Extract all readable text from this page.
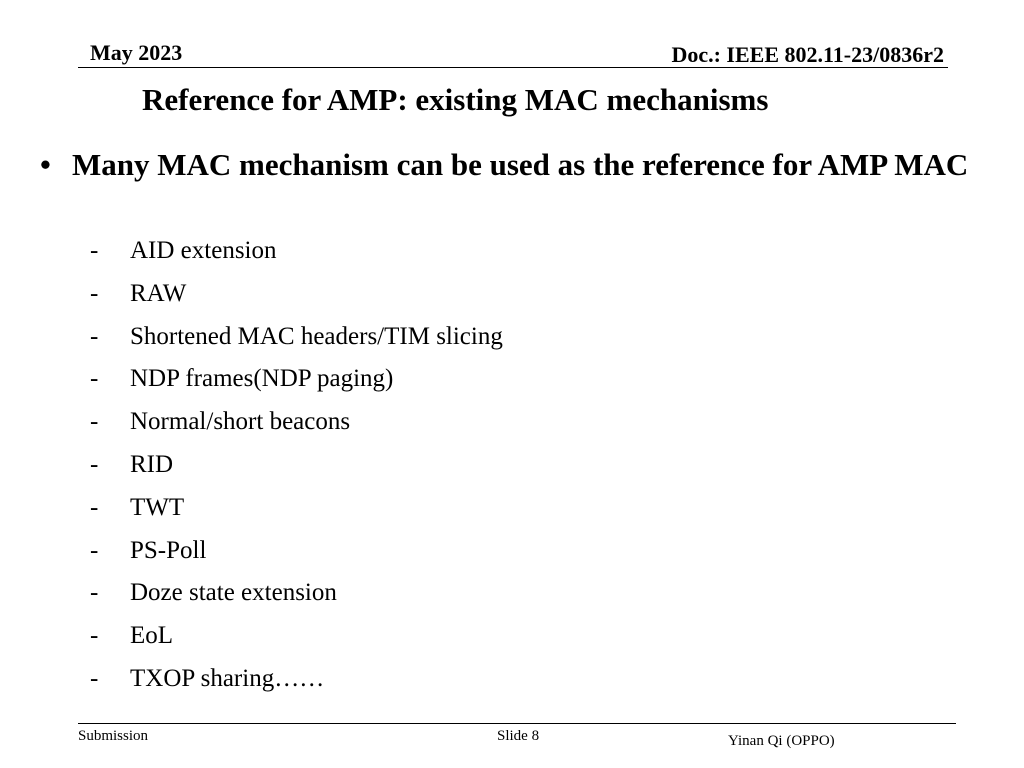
May 2023	Doc.: IEEE 802.11-23/0836r2
Reference for AMP: existing MAC mechanisms
• Many MAC mechanism can be used as the reference for AMP MAC
-	AID extension
-	RAW
-	Shortened MAC headers/TIM slicing
-	NDP frames(NDP paging)
-	Normal/short beacons
-	RID
-	TWT
-	PS-Poll
-	Doze state extension
-	EoL
-	TXOP sharing……
Submission	Slide 8	Yinan Qi (OPPO)
